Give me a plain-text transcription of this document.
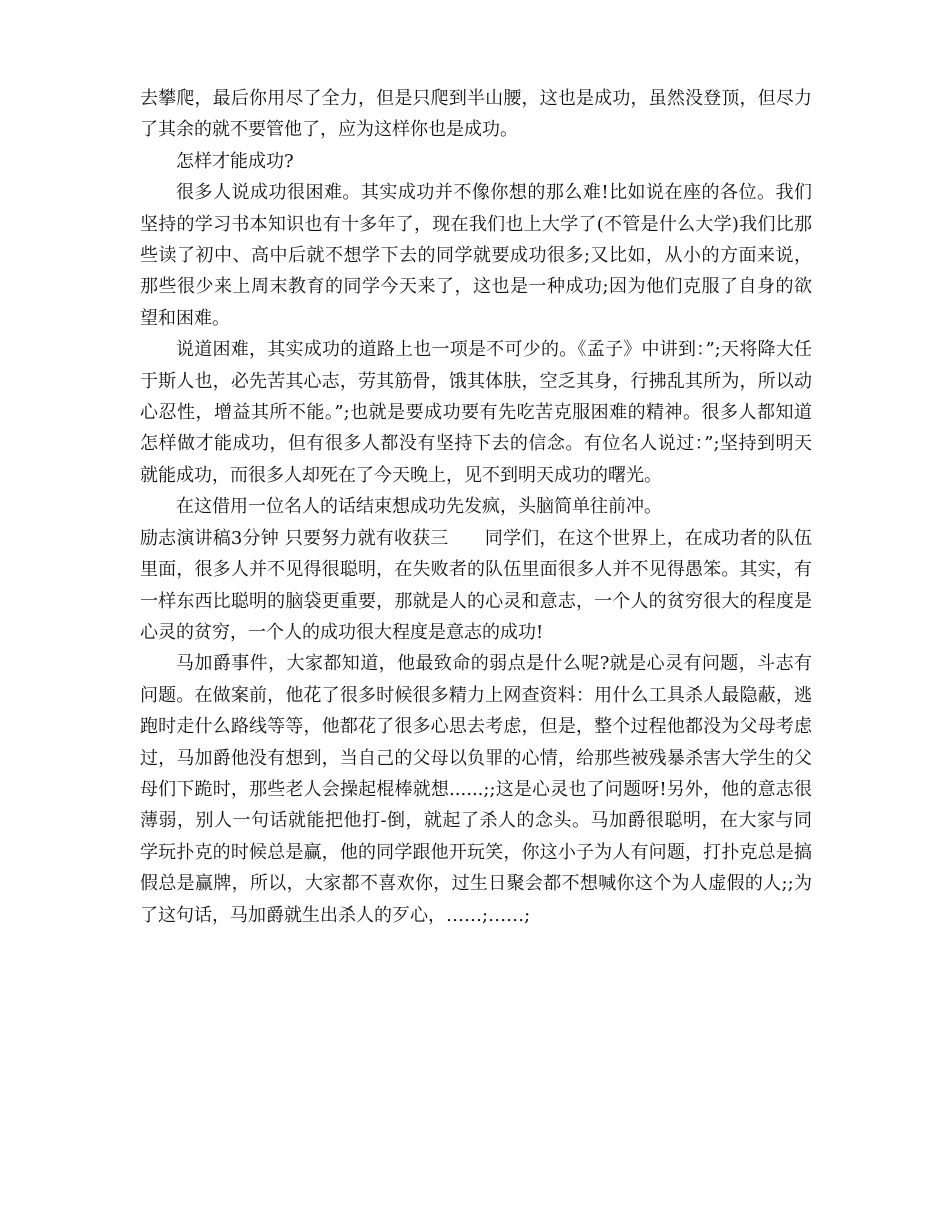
去攀爬，最后你用尽了全力，但是只爬到半山腰，这也是成功，虽然没登顶，但尽力了其余的就不要管他了，应为这样你也是成功。

怎样才能成功?

很多人说成功很困难。其实成功并不像你想的那么难!比如说在座的各位。我们坚持的学习书本知识也有十多年了，现在我们也上大学了(不管是什么大学)我们比那些读了初中、高中后就不想学下去的同学就要成功很多;又比如，从小的方面来说，那些很少来上周末教育的同学今天来了，这也是一种成功;因为他们克服了自身的欲望和困难。

说道困难，其实成功的道路上也一项是不可少的。《孟子》中讲到：”;天将降大任于斯人也，必先苦其心志，劳其筋骨，饿其体肤，空乏其身，行拂乱其所为，所以动心忍性，增益其所不能。”;也就是要成功要有先吃苦克服困难的精神。很多人都知道怎样做才能成功，但有很多人都没有坚持下去的信念。有位名人说过：”;坚持到明天就能成功，而很多人却死在了今天晚上，见不到明天成功的曙光。

在这借用一位名人的话结束想成功先发疯，头脑简单往前冲。

励志演讲稿3分钟 只要努力就有收获三　　同学们，在这个世界上，在成功者的队伍里面，很多人并不见得很聪明，在失败者的队伍里面很多人并不见得愚笨。其实，有一样东西比聪明的脑袋更重要，那就是人的心灵和意志，一个人的贫穷很大的程度是心灵的贫穷，一个人的成功很大程度是意志的成功!

马加爵事件，大家都知道，他最致命的弱点是什么呢?就是心灵有问题，斗志有问题。在做案前，他花了很多时候很多精力上网查资料：用什么工具杀人最隐蔽，逃跑时走什么路线等等，他都花了很多心思去考虑，但是，整个过程他都没为父母考虑过，马加爵他没有想到，当自己的父母以负罪的心情，给那些被残暴杀害大学生的父母们下跪时，那些老人会操起棍棒就想......;;这是心灵也了问题呀!另外，他的意志很薄弱，别人一句话就能把他打-倒，就起了杀人的念头。马加爵很聪明，在大家与同学玩扑克的时候总是赢，他的同学跟他开玩笑，你这小子为人有问题，打扑克总是搞假总是赢牌，所以，大家都不喜欢你，过生日聚会都不想喊你这个为人虚假的人;;为了这句话，马加爵就生出杀人的歹心，……;……;
